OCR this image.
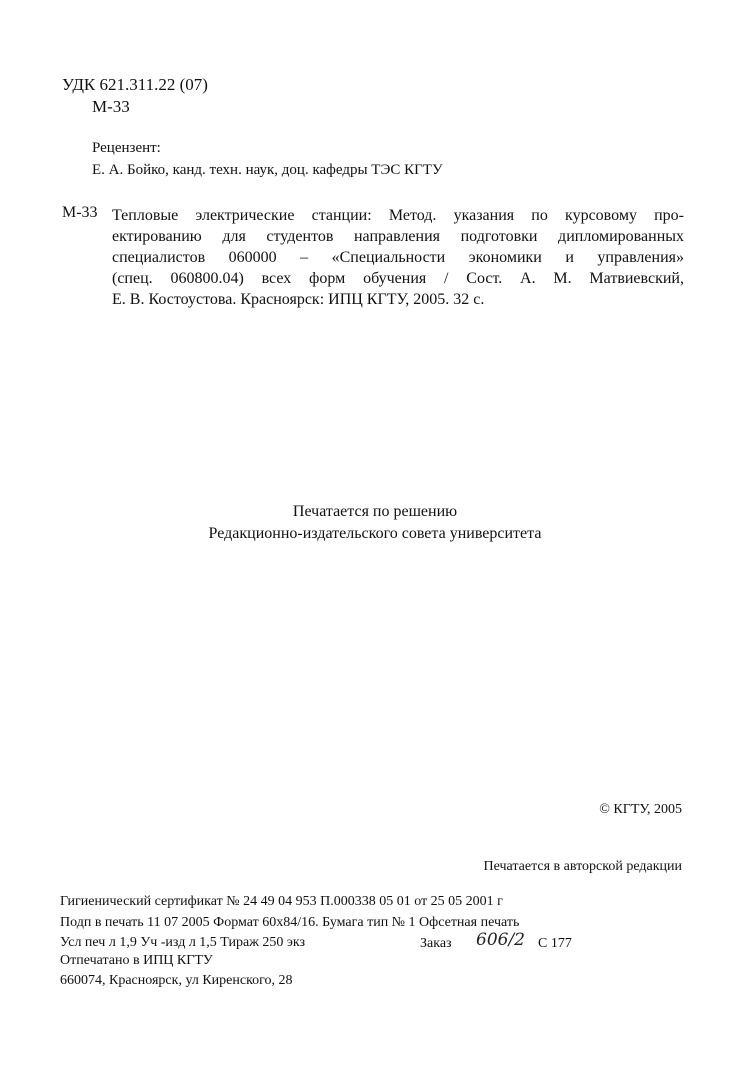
УДК 621.311.22 (07)
М-33
Рецензент:
Е. А. Бойко, канд. техн. наук, доц. кафедры ТЭС КГТУ
М-33 Тепловые электрические станции: Метод. указания по курсовому про-
ектированию для студентов направления подготовки дипломированных
специалистов 060000 – «Специальности экономики и управления»
(спец. 060800.04) всех форм обучения / Сост. А. М. Матвиевский,
Е. В. Костоустова. Красноярск: ИПЦ КГТУ, 2005. 32 с.
Печатается по решению
Редакционно-издательского совета университета
© КГТУ, 2005
Печатается в авторской редакции
Гигиенический сертификат № 24 49 04 953 П.000338 05 01 от 25 05 2001 г
Подп в печать 11 07 2005 Формат 60x84/16. Бумага тип № 1 Офсетная печать
Усл печ л 1,9 Уч -изд л 1,5 Тираж 250 экз	Заказ 606/2 С 177
Отпечатано в ИПЦ КГТУ
660074, Красноярск, ул Киренского, 28
